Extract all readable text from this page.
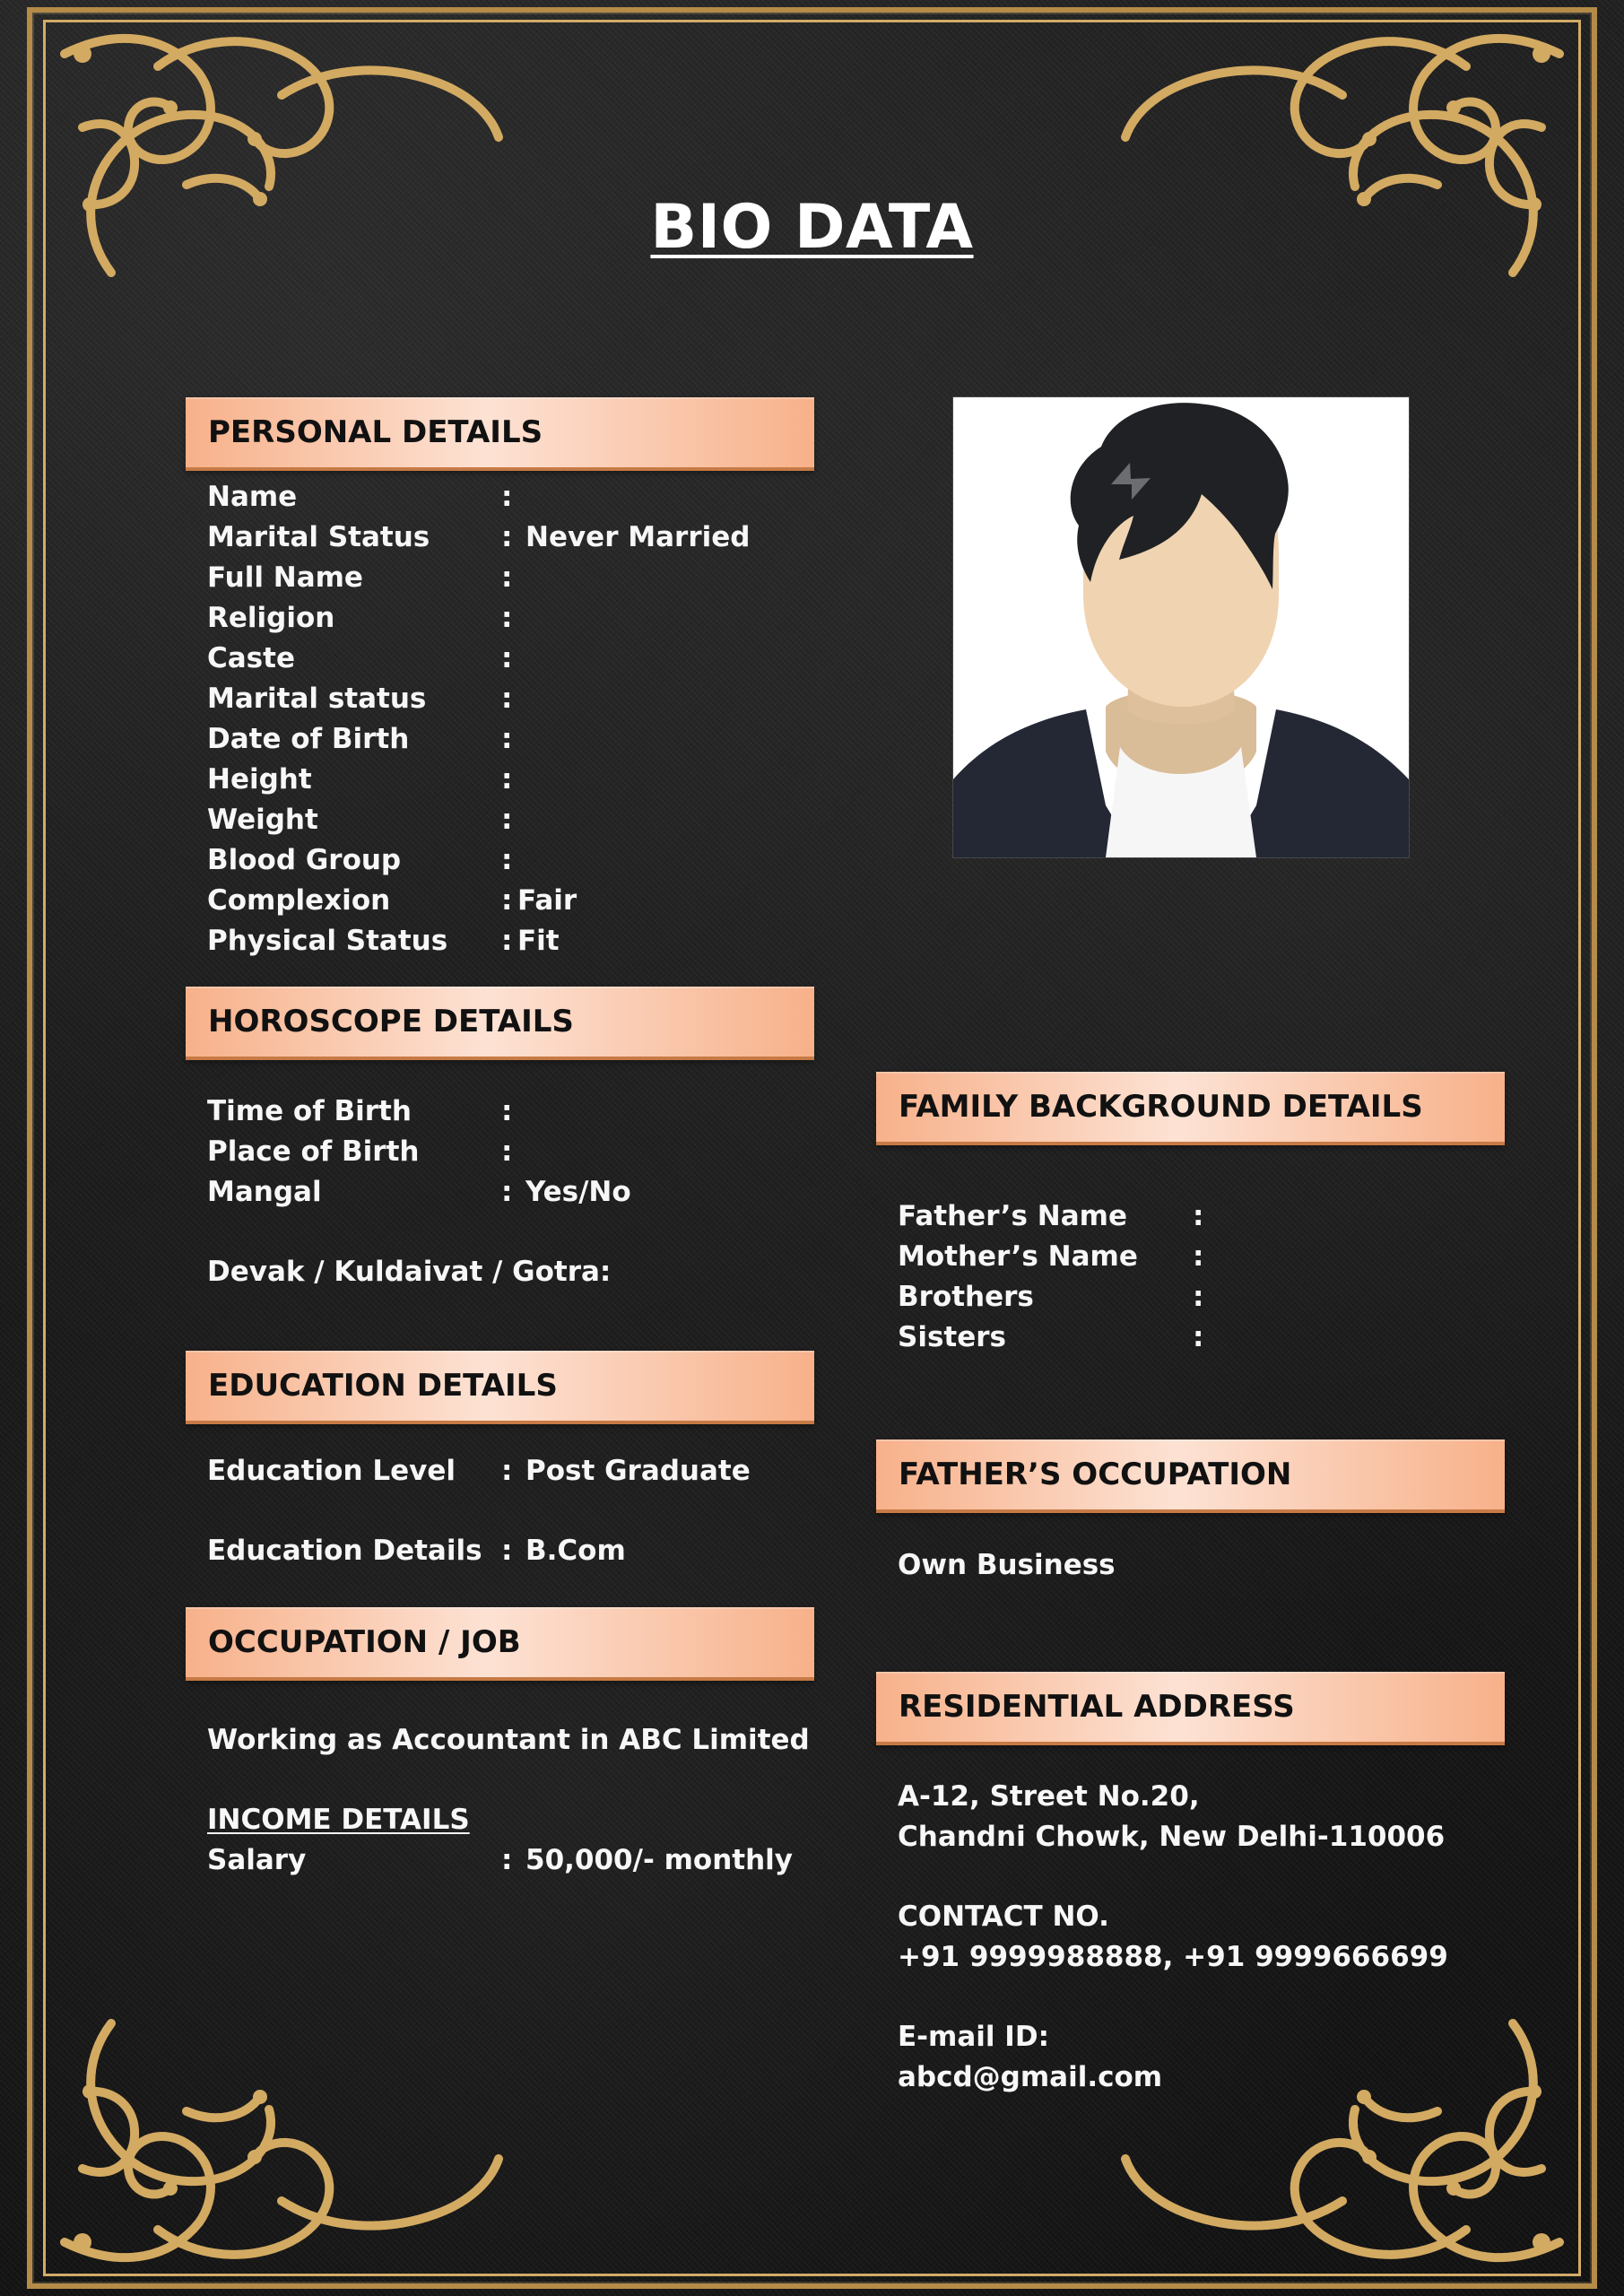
BIO DATA
PERSONAL DETAILS
Name	:
Marital Status	: Never Married
Full Name	:
Religion	:
Caste	:
Marital status	:
Date of Birth	:
Height	:
Weight	:
Blood Group	:
Complexion	: Fair
Physical Status : Fit
HOROSCOPE DETAILS
Time of Birth	:
Place of Birth	:
Mangal	: Yes/No
Devak / Kuldaivat / Gotra:
FAMILY BACKGROUND DETAILS
Father’s Name :
Mother’s Name :
Brothers	:
Sisters	:
EDUCATION DETAILS
Education Level : Post Graduate
Education Details : B.Com
FATHER’S OCCUPATION
Own Business
OCCUPATION / JOB
Working as Accountant in ABC Limited
INCOME DETAILS
Salary	: 50,000/- monthly
RESIDENTIAL ADDRESS
A-12, Street No.20,
Chandni Chowk, New Delhi-110006
CONTACT NO.
+91 9999988888, +91 9999666699
E-mail ID:
abcd@gmail.com
